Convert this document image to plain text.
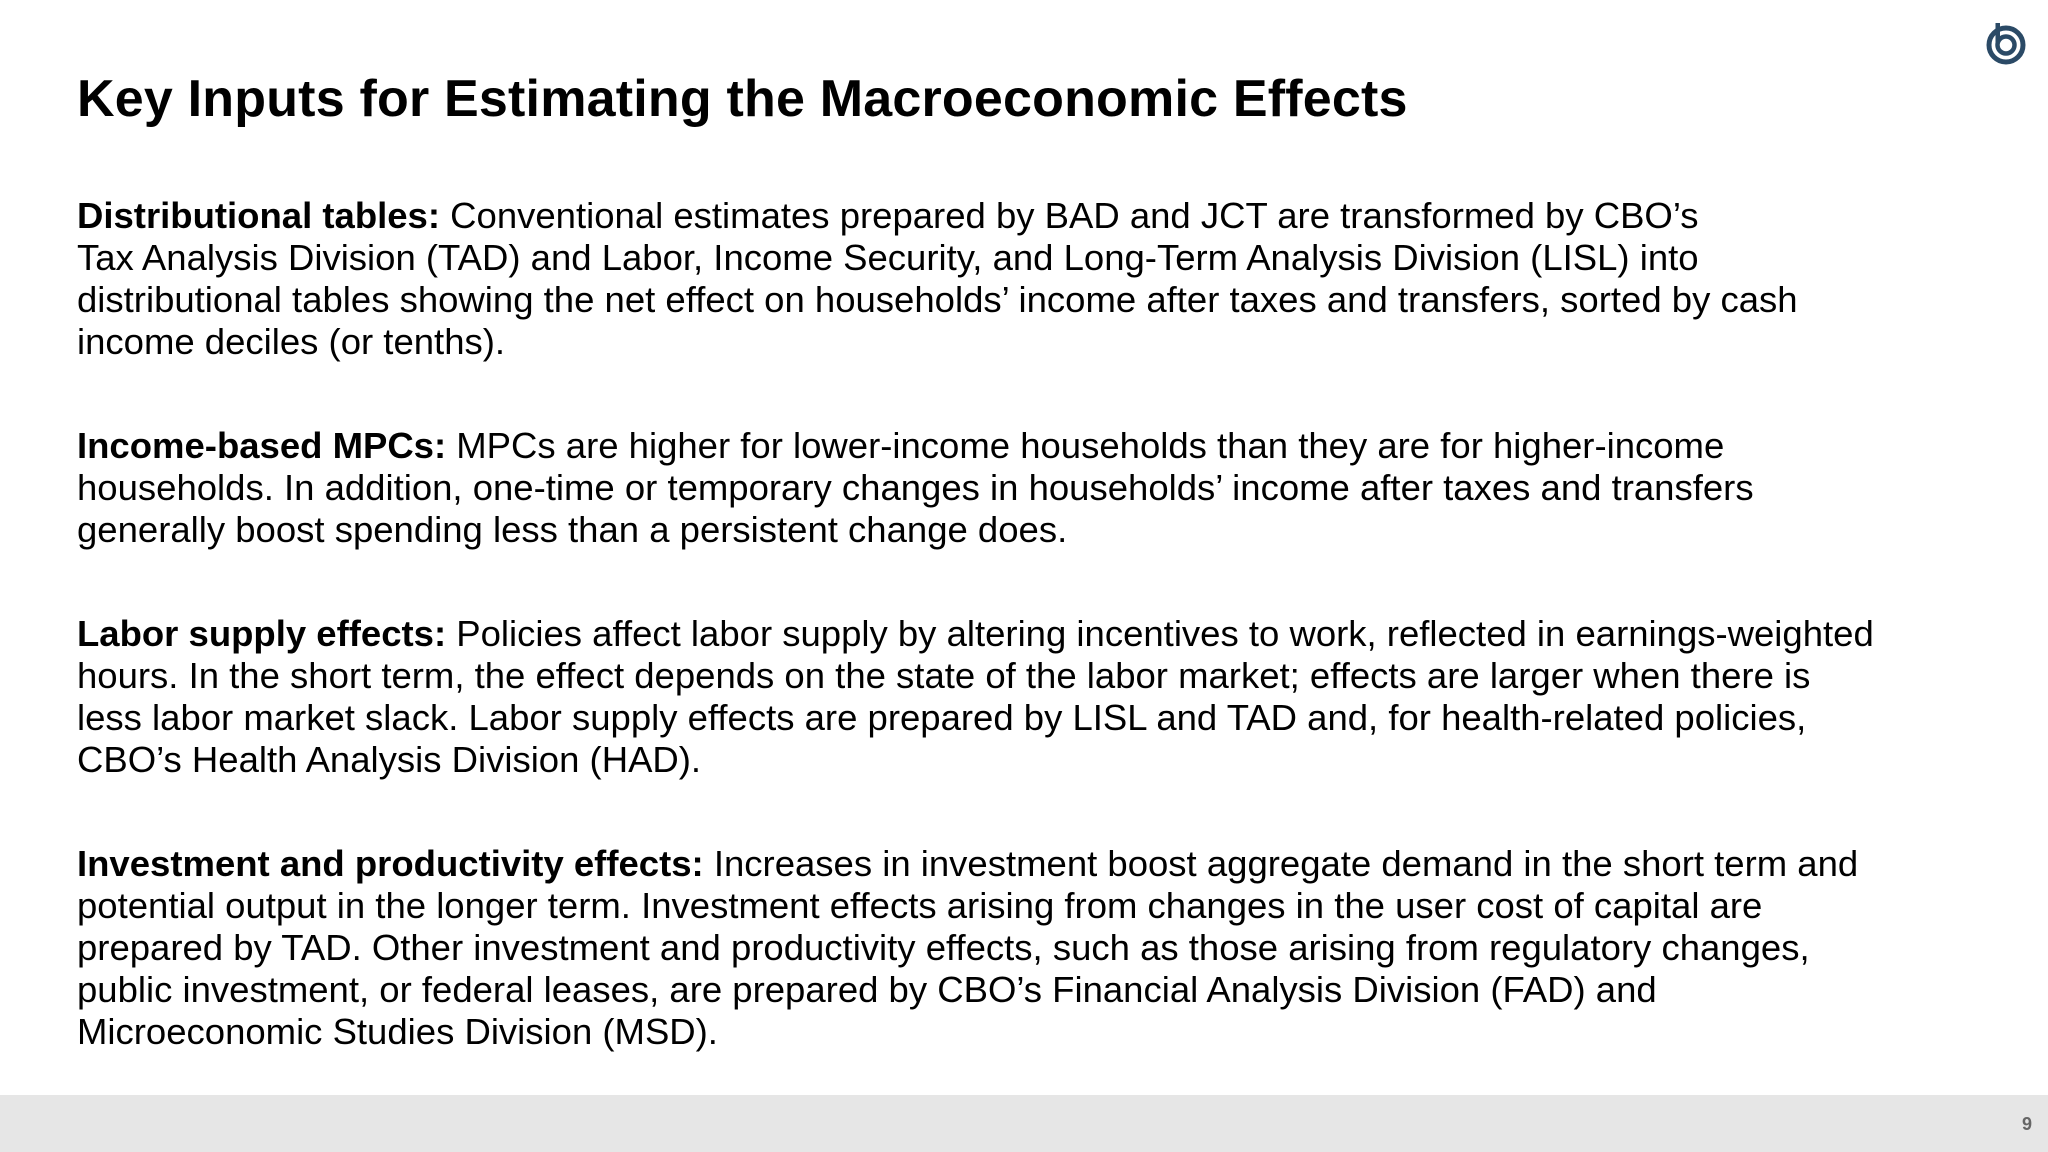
Key Inputs for Estimating the Macroeconomic Effects

Distributional tables: Conventional estimates prepared by BAD and JCT are transformed by CBO’s
Tax Analysis Division (TAD) and Labor, Income Security, and Long-Term Analysis Division (LISL) into
distributional tables showing the net effect on households’ income after taxes and transfers, sorted by cash
income deciles (or tenths).

Income-based MPCs: MPCs are higher for lower-income households than they are for higher-income
households. In addition, one-time or temporary changes in households’ income after taxes and transfers
generally boost spending less than a persistent change does.

Labor supply effects: Policies affect labor supply by altering incentives to work, reflected in earnings-weighted
hours. In the short term, the effect depends on the state of the labor market; effects are larger when there is
less labor market slack. Labor supply effects are prepared by LISL and TAD and, for health-related policies,
CBO’s Health Analysis Division (HAD).

Investment and productivity effects: Increases in investment boost aggregate demand in the short term and
potential output in the longer term. Investment effects arising from changes in the user cost of capital are
prepared by TAD. Other investment and productivity effects, such as those arising from regulatory changes,
public investment, or federal leases, are prepared by CBO’s Financial Analysis Division (FAD) and
Microeconomic Studies Division (MSD).

9
